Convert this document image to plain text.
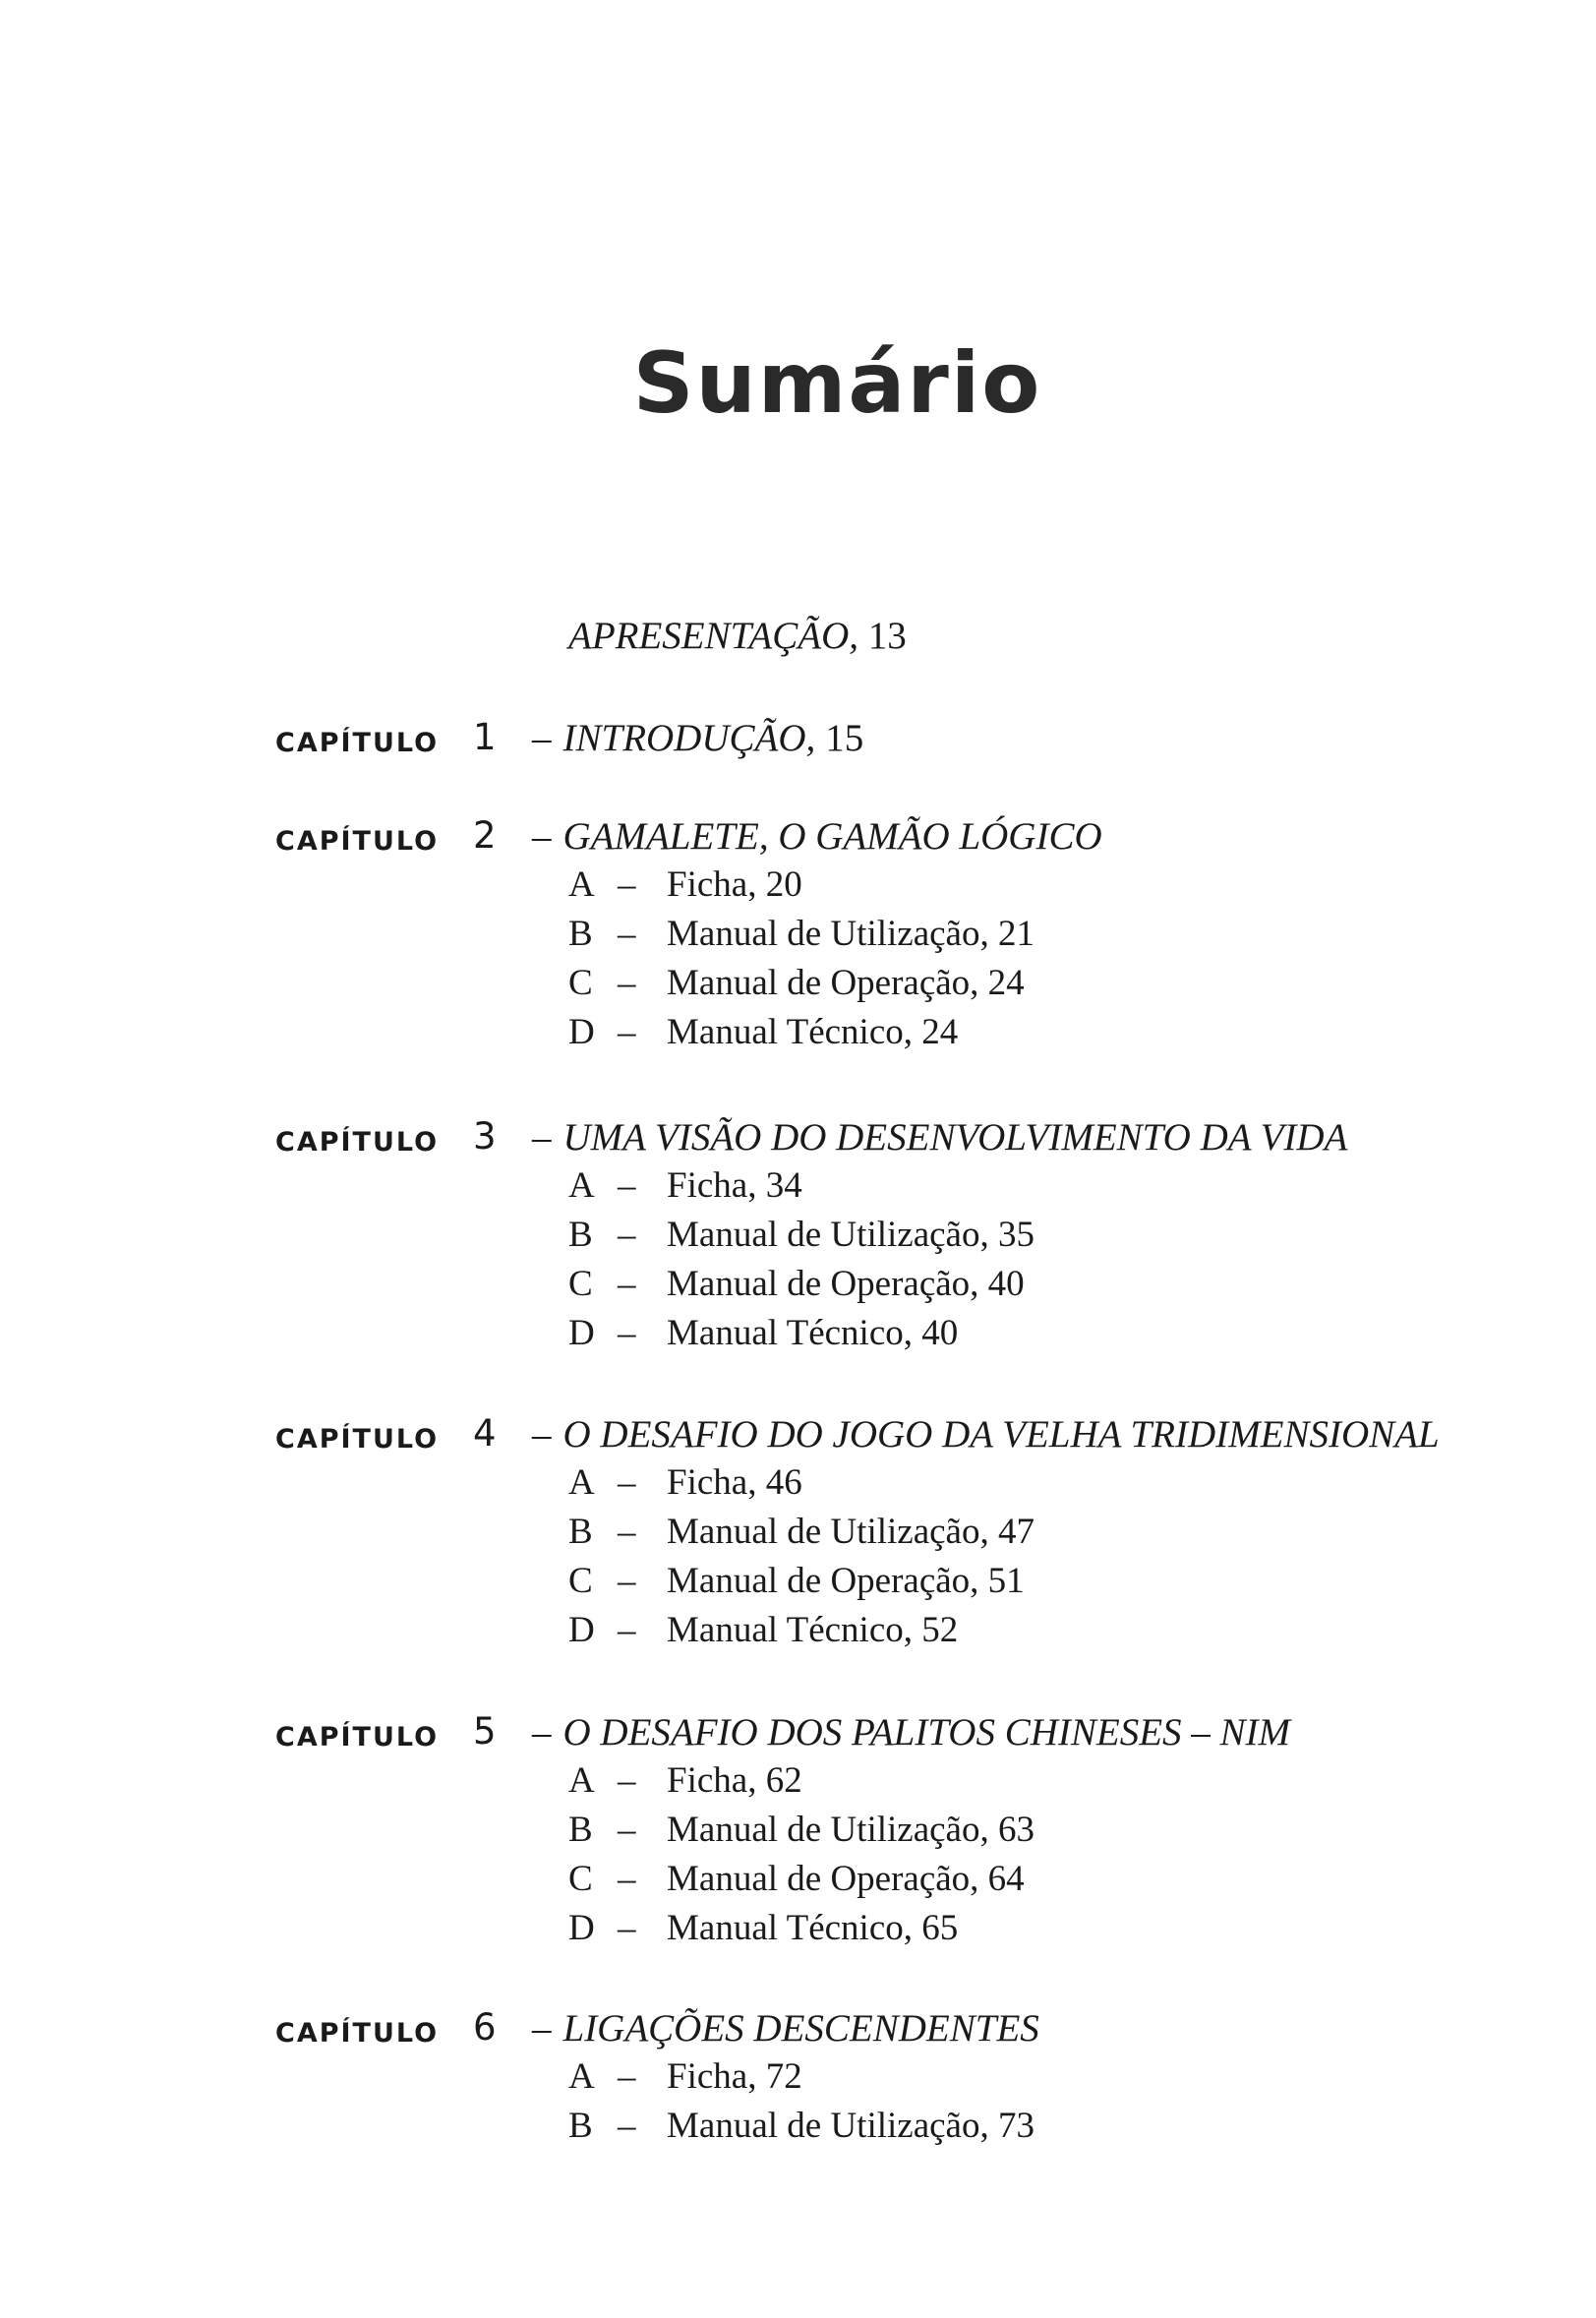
Sumário
APRESENTAÇÃO, 13
CAPÍTULO 1 – INTRODUÇÃO, 15
CAPÍTULO 2 – GAMALETE, O GAMÃO LÓGICO
A – Ficha, 20
B – Manual de Utilização, 21
C – Manual de Operação, 24
D – Manual Técnico, 24
CAPÍTULO 3 – UMA VISÃO DO DESENVOLVIMENTO DA VIDA
A – Ficha, 34
B – Manual de Utilização, 35
C – Manual de Operação, 40
D – Manual Técnico, 40
CAPÍTULO 4 – O DESAFIO DO JOGO DA VELHA TRIDIMENSIONAL
A – Ficha, 46
B – Manual de Utilização, 47
C – Manual de Operação, 51
D – Manual Técnico, 52
CAPÍTULO 5 – O DESAFIO DOS PALITOS CHINESES – NIM
A – Ficha, 62
B – Manual de Utilização, 63
C – Manual de Operação, 64
D – Manual Técnico, 65
CAPÍTULO 6 – LIGAÇÕES DESCENDENTES
A – Ficha, 72
B – Manual de Utilização, 73
